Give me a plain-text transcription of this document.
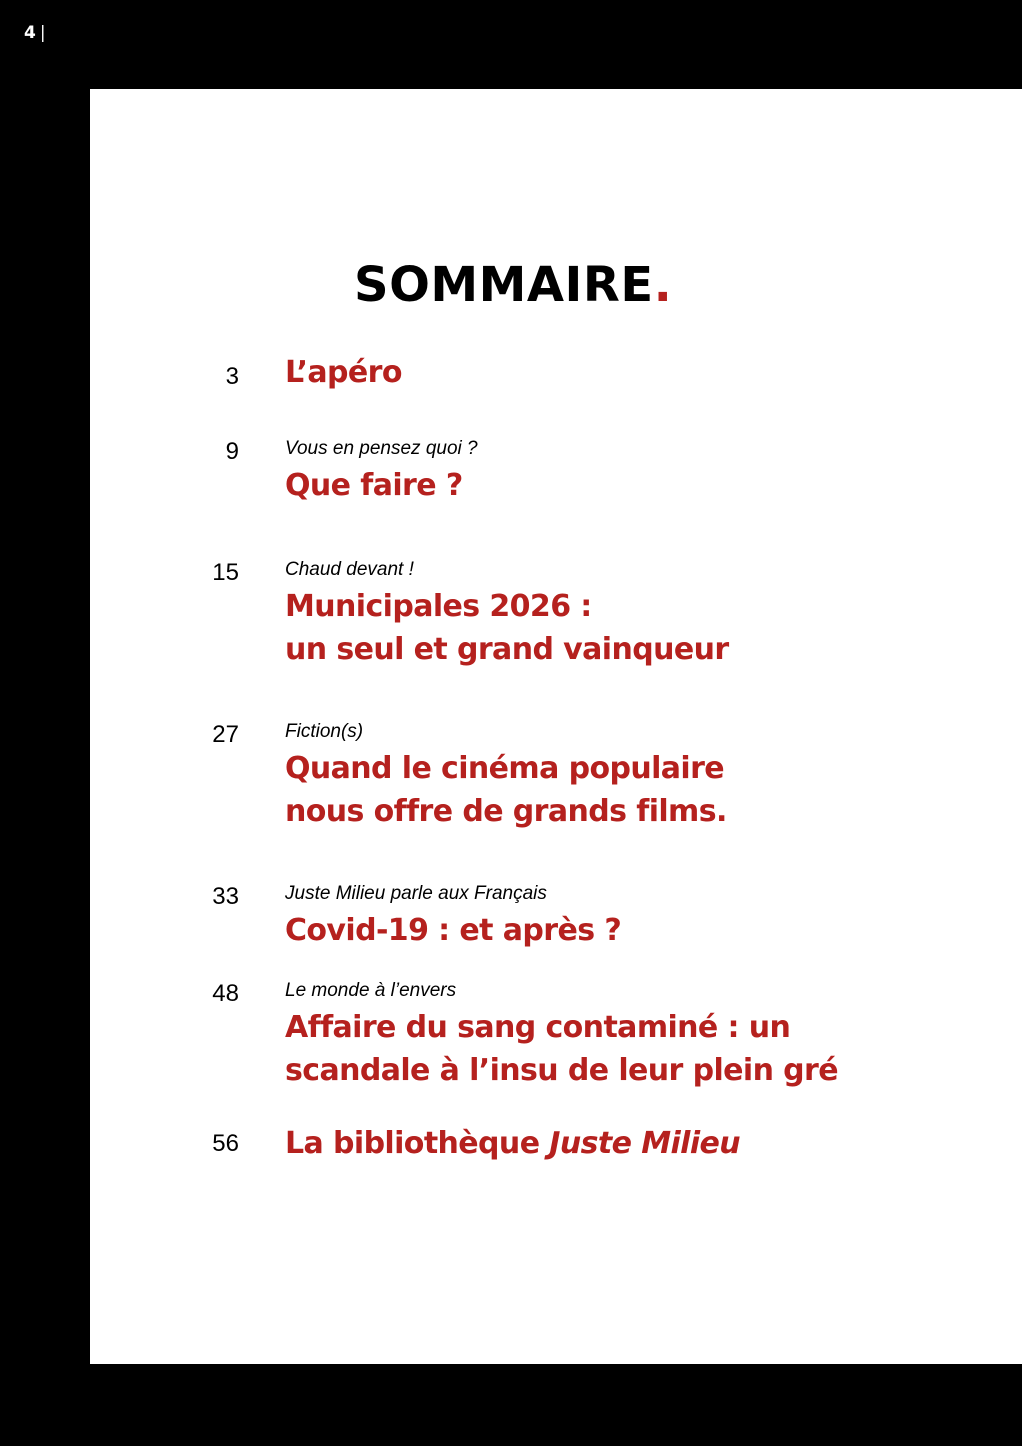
4 |
SOMMAIRE.
3 L’apéro
9 Vous en pensez quoi ?
Que faire ?
15 Chaud devant !
Municipales 2026 :
un seul et grand vainqueur
27 Fiction(s)
Quand le cinéma populaire
nous offre de grands films.
33 Juste Milieu parle aux Français
Covid-19 : et après ?
48 Le monde à l’envers
Affaire du sang contaminé : un
scandale à l’insu de leur plein gré
56 La bibliothèque Juste Milieu
